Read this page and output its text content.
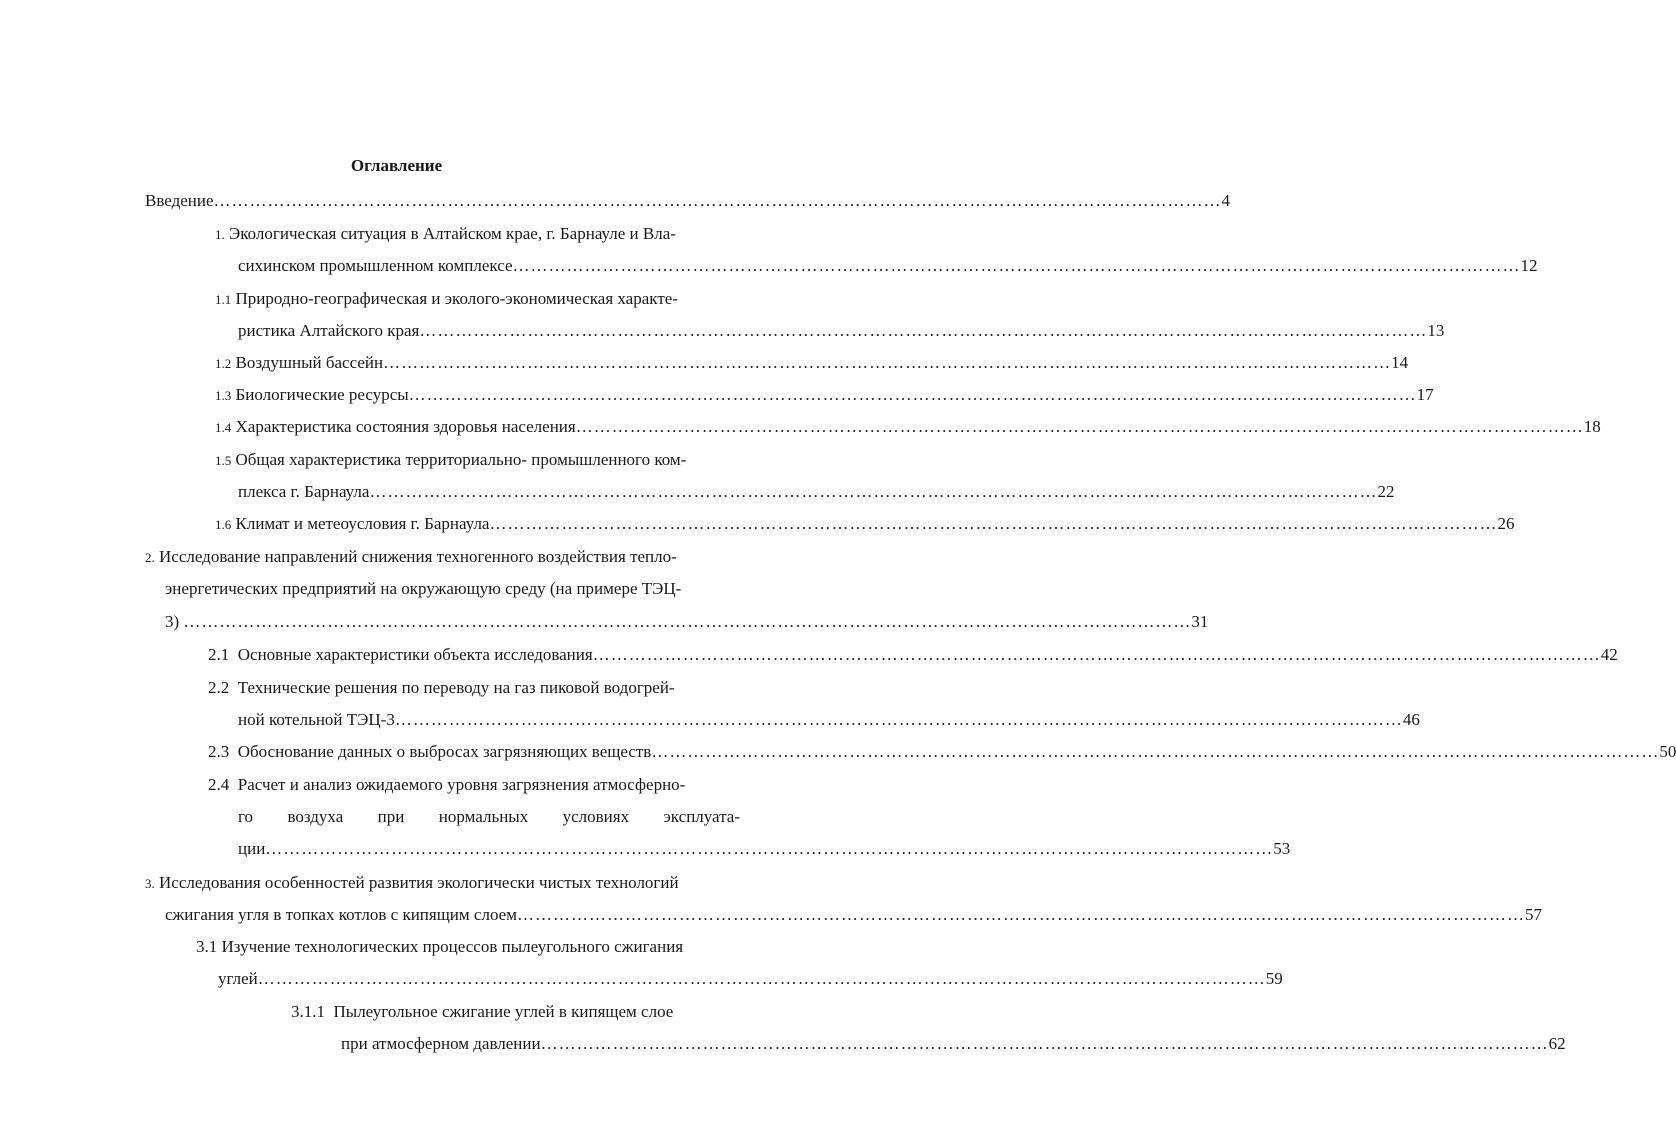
Оглавление
Введение …………………………………………………………………………………………………………………………………………………… 4
1. Экологическая ситуация в Алтайском крае, г. Барнауле и Вла-
сихинском промышленном комплексе …………………………………………………………………………………………………………………………………………………… 12
1.1 Природно-географическая и эколого-экономическая характе-
ристика Алтайского края …………………………………………………………………………………………………………………………………………………… 13
1.2 Воздушный бассейн …………………………………………………………………………………………………………………………………………………… 14
1.3 Биологические ресурсы …………………………………………………………………………………………………………………………………………………… 17
1.4 Характеристика состояния здоровья населения …………………………………………………………………………………………………………………………………………………… 18
1.5 Общая характеристика территориально- промышленного ком-
плекса г. Барнаула …………………………………………………………………………………………………………………………………………………… 22
1.6 Климат и метеоусловия г. Барнаула …………………………………………………………………………………………………………………………………………………… 26
2. Исследование направлений снижения техногенного воздействия тепло-
энергетических предприятий на окружающую среду (на примере ТЭЦ-
3)
…………………………………………………………………………………………………………………………………………………… 31
2.1 Основные характеристики объекта исследования …………………………………………………………………………………………………………………………………………………… 42
2.2 Технические решения по переводу на газ пиковой водогрей-
ной котельной ТЭЦ-3 …………………………………………………………………………………………………………………………………………………… 46
2.3 Обоснование данных о выбросах загрязняющих веществ …………………………………………………………………………………………………………………………………………………… 50
2.4 Расчет и анализ ожидаемого уровня загрязнения атмосферно-
го воздуха при нормальных условиях эксплуата-
ции …………………………………………………………………………………………………………………………………………………… 53
3. Исследования особенностей развития экологически чистых технологий
сжигания угля в топках котлов с кипящим слоем …………………………………………………………………………………………………………………………………………………… 57
3.1 Изучение технологических процессов пылеугольного сжигания
углей …………………………………………………………………………………………………………………………………………………… 59
3.1.1 Пылеугольное сжигание углей в кипящем слое
при атмосферном давлении …………………………………………………………………………………………………………………………………………………… 62
